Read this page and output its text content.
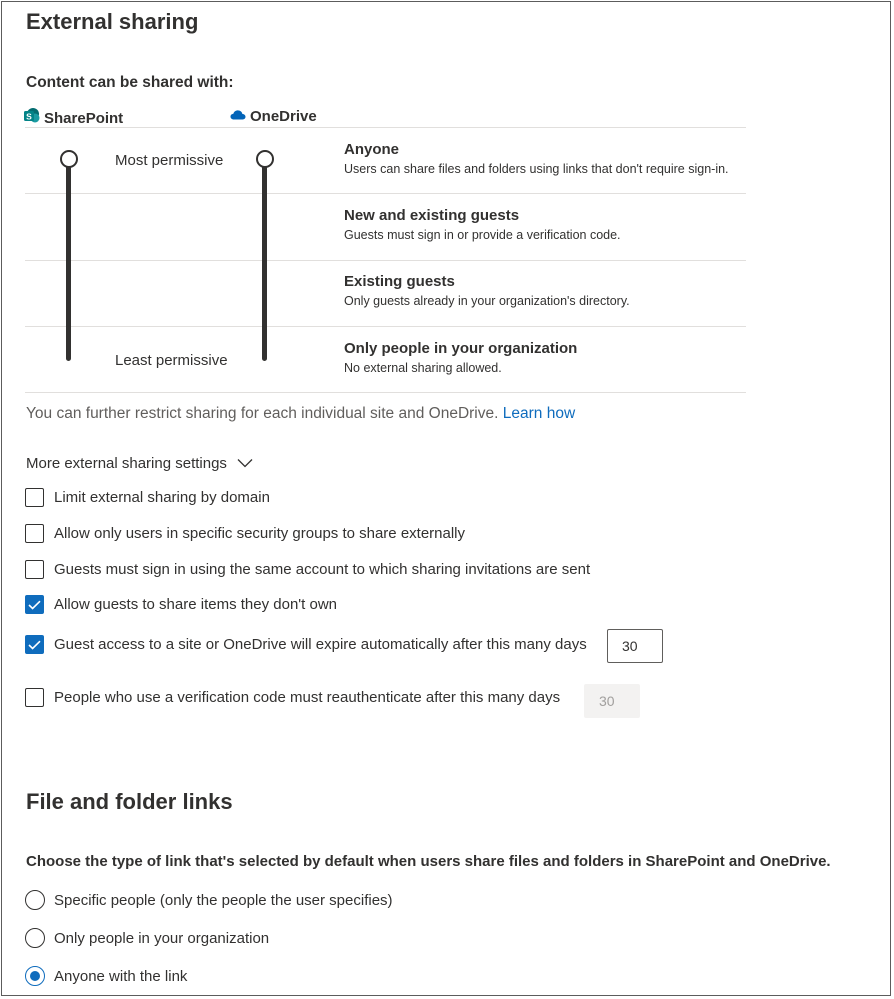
External sharing
Content can be shared with:
S SharePoint	OneDrive
Most permissive
Least permissive
Anyone
Users can share files and folders using links that don't require sign-in.
New and existing guests
Guests must sign in or provide a verification code.
Existing guests
Only guests already in your organization's directory.
Only people in your organization
No external sharing allowed.
You can further restrict sharing for each individual site and OneDrive. Learn how
More external sharing settings
Limit external sharing by domain
Allow only users in specific security groups to share externally
Guests must sign in using the same account to which sharing invitations are sent
Allow guests to share items they don't own
Guest access to a site or OneDrive will expire automatically after this many days	30
People who use a verification code must reauthenticate after this many days	30
File and folder links
Choose the type of link that's selected by default when users share files and folders in SharePoint and OneDrive.
Specific people (only the people the user specifies)
Only people in your organization
Anyone with the link
